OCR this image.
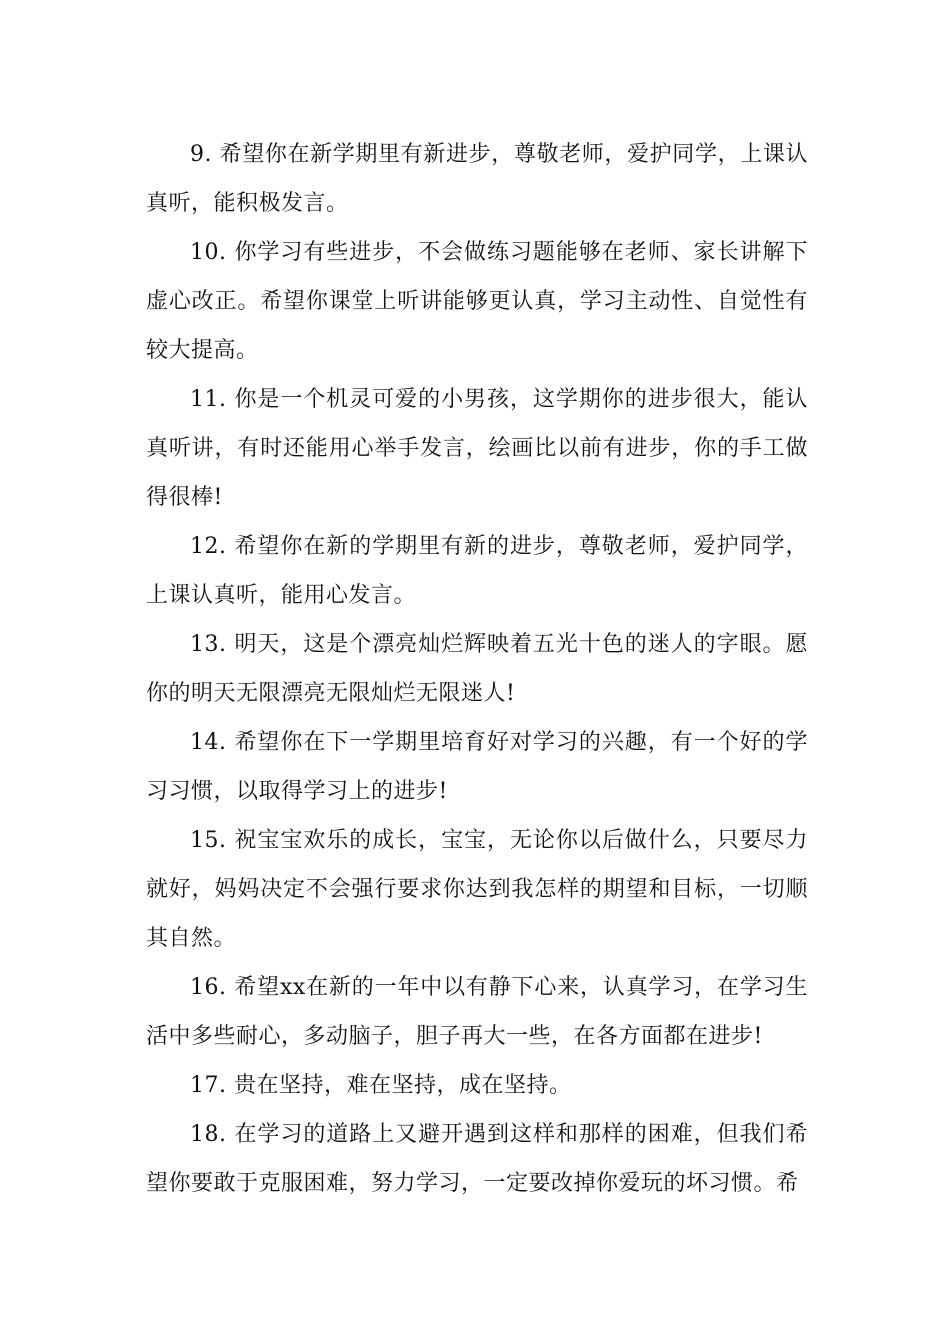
9. 希望你在新学期里有新进步，尊敬老师，爱护同学，上课认真听，能积极发言。

10. 你学习有些进步，不会做练习题能够在老师、家长讲解下虚心改正。希望你课堂上听讲能够更认真，学习主动性、自觉性有较大提高。

11. 你是一个机灵可爱的小男孩，这学期你的进步很大，能认真听讲，有时还能用心举手发言，绘画比以前有进步，你的手工做得很棒!

12. 希望你在新的学期里有新的进步，尊敬老师，爱护同学，上课认真听，能用心发言。

13. 明天，这是个漂亮灿烂辉映着五光十色的迷人的字眼。愿你的明天无限漂亮无限灿烂无限迷人!

14. 希望你在下一学期里培育好对学习的兴趣，有一个好的学习习惯，以取得学习上的进步!

15. 祝宝宝欢乐的成长，宝宝，无论你以后做什么，只要尽力就好，妈妈决定不会强行要求你达到我怎样的期望和目标，一切顺其自然。

16. 希望xx在新的一年中以有静下心来，认真学习，在学习生活中多些耐心，多动脑子，胆子再大一些，在各方面都在进步!

17. 贵在坚持，难在坚持，成在坚持。

18. 在学习的道路上又避开遇到这样和那样的困难，但我们希望你要敢于克服困难，努力学习，一定要改掉你爱玩的坏习惯。希
